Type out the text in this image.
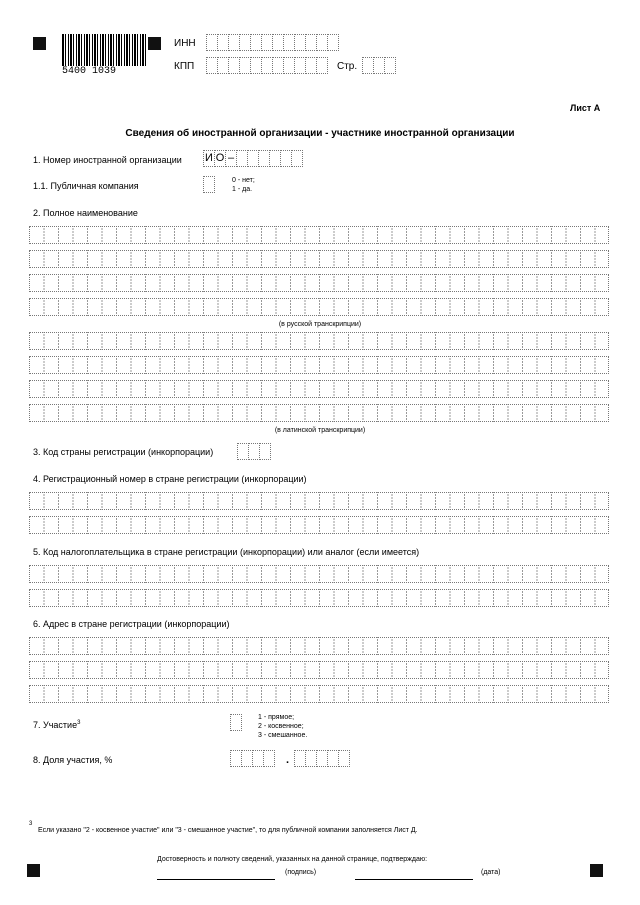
5400 1039
ИНН
КПП	Стр.
Лист А
Сведения об иностранной организации - участнике иностранной организации
1. Номер иностранной организации И О –
1.1. Публичная компания
0 - нет;
1 - да.
2. Полное наименование
(в русской транскрипции)
(в латинской транскрипции)
3. Код страны регистрации (инкорпорации)
4. Регистрационный номер в стране регистрации (инкорпорации)
5. Код налогоплательщика в стране регистрации (инкорпорации) или аналог (если имеется)
6. Адрес в стране регистрации (инкорпорации)
7. Участие$^3$
1 - прямое;
2 - косвенное;
3 - смешанное.
8. Доля участия, %	.
3
Если указано "2 - косвенное участие" или "3 - смешанное участие", то для публичной компании заполняется Лист Д.
Достоверность и полноту сведений, указанных на данной странице, подтверждаю:
(подпись)	(дата)
